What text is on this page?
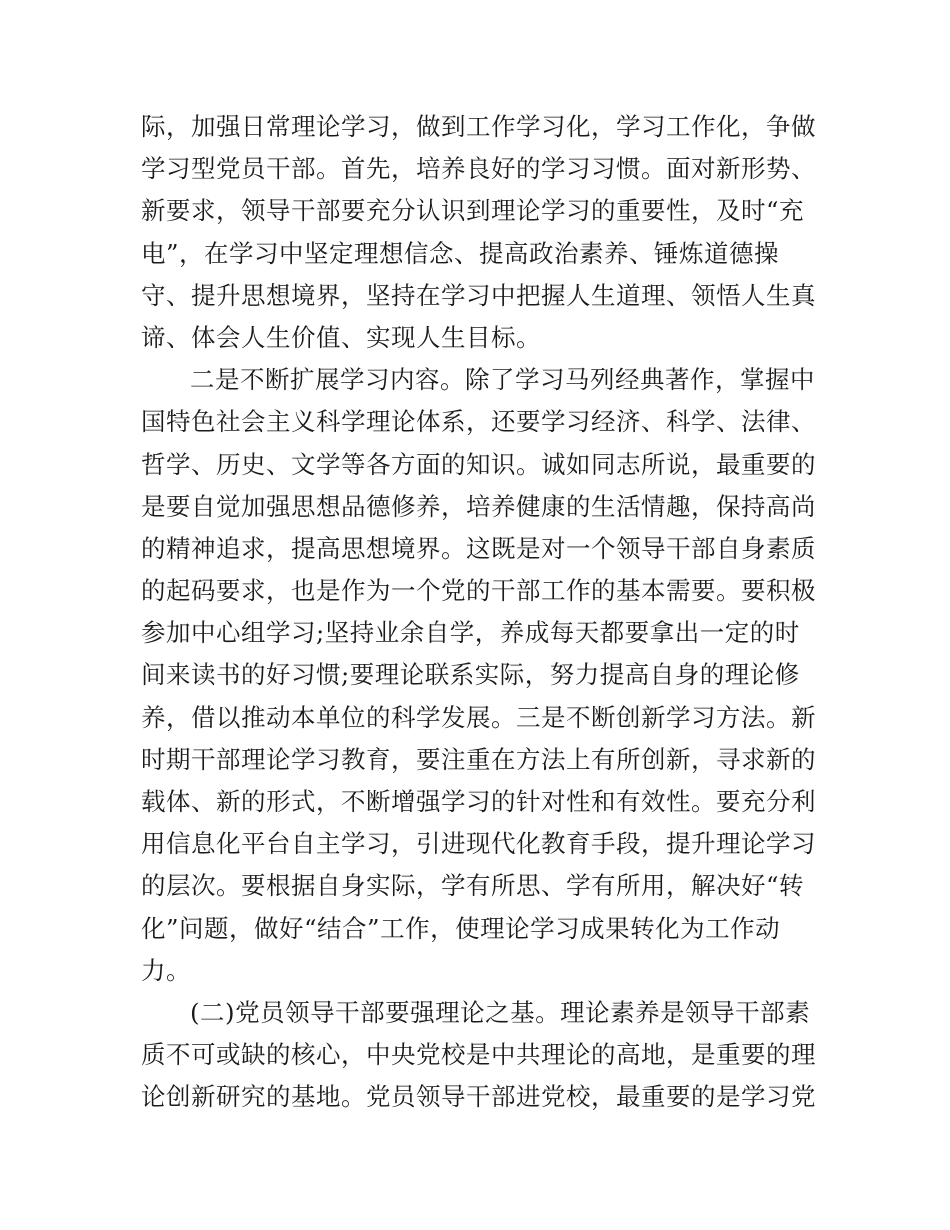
际，加强日常理论学习，做到工作学习化，学习工作化，争做
学习型党员干部。首先，培养良好的学习习惯。面对新形势、
新要求，领导干部要充分认识到理论学习的重要性，及时“充
电”，在学习中坚定理想信念、提高政治素养、锤炼道德操
守、提升思想境界，坚持在学习中把握人生道理、领悟人生真
谛、体会人生价值、实现人生目标。
二是不断扩展学习内容。除了学习马列经典著作，掌握中
国特色社会主义科学理论体系，还要学习经济、科学、法律、
哲学、历史、文学等各方面的知识。诚如同志所说，最重要的
是要自觉加强思想品德修养，培养健康的生活情趣，保持高尚
的精神追求，提高思想境界。这既是对一个领导干部自身素质
的起码要求，也是作为一个党的干部工作的基本需要。要积极
参加中心组学习;坚持业余自学，养成每天都要拿出一定的时
间来读书的好习惯;要理论联系实际，努力提高自身的理论修
养，借以推动本单位的科学发展。三是不断创新学习方法。新
时期干部理论学习教育，要注重在方法上有所创新，寻求新的
载体、新的形式，不断增强学习的针对性和有效性。要充分利
用信息化平台自主学习，引进现代化教育手段，提升理论学习
的层次。要根据自身实际，学有所思、学有所用，解决好“转
化”问题，做好“结合”工作，使理论学习成果转化为工作动
力。
(二)党员领导干部要强理论之基。理论素养是领导干部素
质不可或缺的核心，中央党校是中共理论的高地，是重要的理
论创新研究的基地。党员领导干部进党校，最重要的是学习党
